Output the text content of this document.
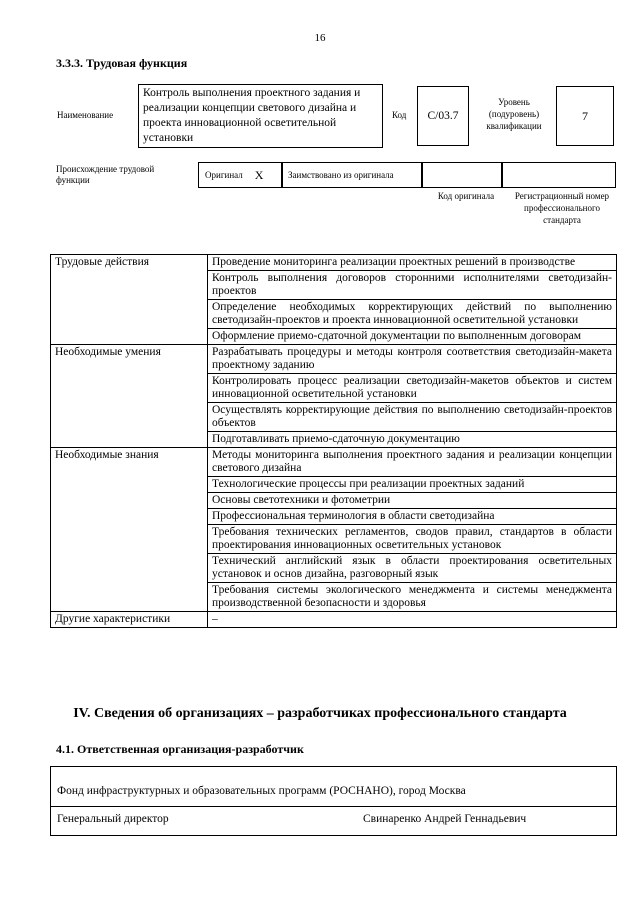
16
3.3.3. Трудовая функция
Наименование
Контроль выполнения проектного задания и реализации концепции светового дизайна и проекта инновационной осветительной установки
Код	С/03.7
Уровень (подуровень) квалификации
7
Происхождение трудовой функции	Оригинал X	Заимствовано из оригинала
Код оригинала	Регистрационный номер профессионального стандарта
Трудовые действия	Проведение мониторинга реализации проектных решений в производстве
	Контроль выполнения договоров сторонними исполнителями светодизайн-проектов
	Определение необходимых корректирующих действий по выполнению светодизайн-проектов и проекта инновационной осветительной установки
	Оформление приемо-сдаточной документации по выполненным договорам
Необходимые умения	Разрабатывать процедуры и методы контроля соответствия светодизайн-макета проектному заданию
	Контролировать процесс реализации светодизайн-макетов объектов и систем инновационной осветительной установки
	Осуществлять корректирующие действия по выполнению светодизайн-проектов объектов
	Подготавливать приемо-сдаточную документацию
Необходимые знания	Методы мониторинга выполнения проектного задания и реализации концепции светового дизайна
	Технологические процессы при реализации проектных заданий
	Основы светотехники и фотометрии
	Профессиональная терминология в области светодизайна
	Требования технических регламентов, сводов правил, стандартов в области проектирования инновационных осветительных установок
	Технический английский язык в области проектирования осветительных установок и основ дизайна, разговорный язык
	Требования системы экологического менеджмента и системы менеджмента производственной безопасности и здоровья
Другие характеристики	–
IV. Сведения об организациях – разработчиках профессионального стандарта
4.1. Ответственная организация-разработчик
Фонд инфраструктурных и образовательных программ (РОСНАНО), город Москва
Генеральный директор	Свинаренко Андрей Геннадьевич
